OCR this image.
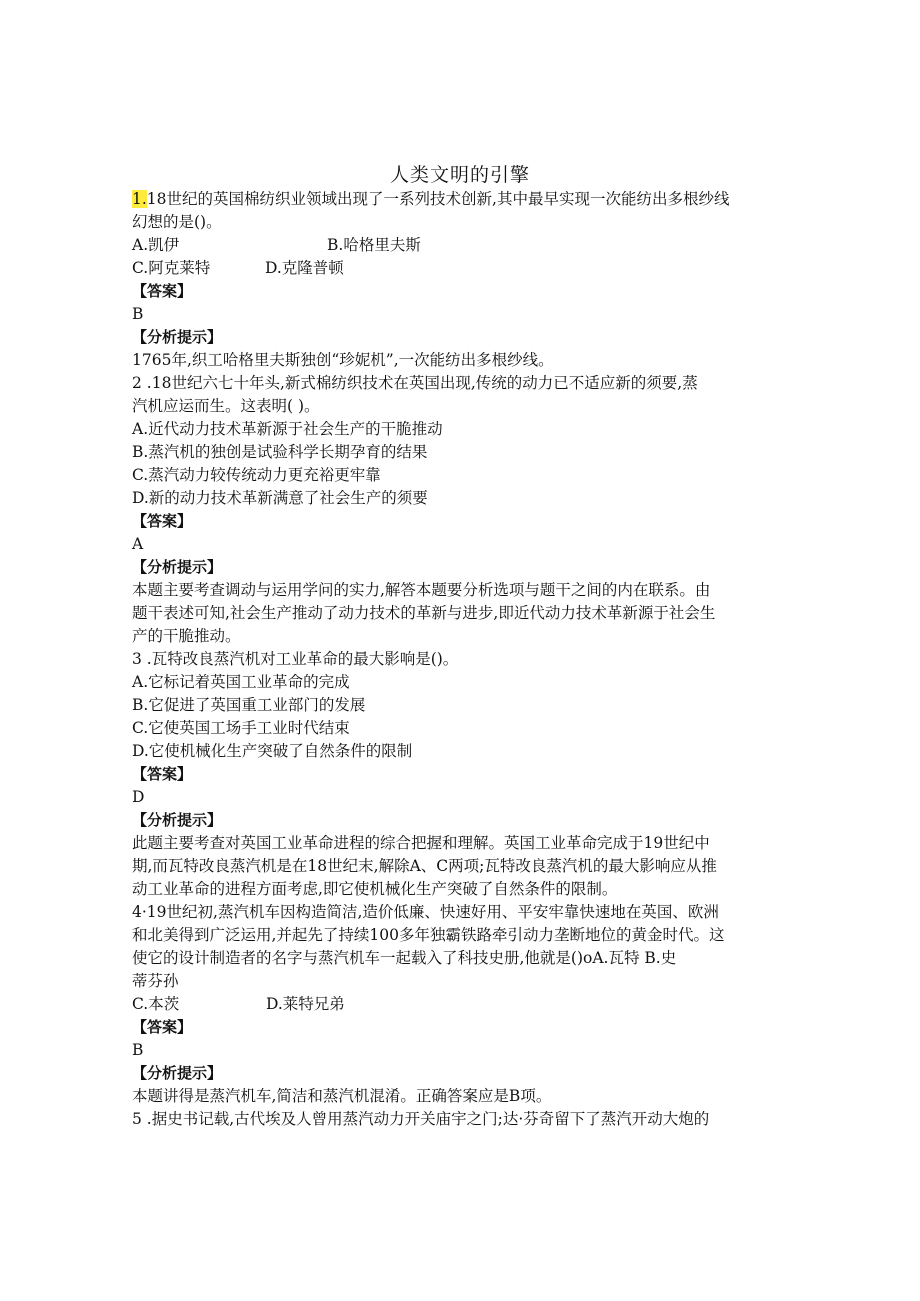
人类文明的引擎
1.18世纪的英国棉纺织业领域出现了一系列技术创新,其中最早实现一次能纺出多根纱线
幻想的是()。
A.凯伊	B.哈格里夫斯
C.阿克莱特	D.克隆普顿
【答案】
B
【分析提示】
1765年,织工哈格里夫斯独创“珍妮机”,一次能纺出多根纱线。
2 .18世纪六七十年头,新式棉纺织技术在英国出现,传统的动力已不适应新的须要,蒸
汽机应运而生。这表明( )。
A.近代动力技术革新源于社会生产的干脆推动
B.蒸汽机的独创是试验科学长期孕育的结果
C.蒸汽动力较传统动力更充裕更牢靠
D.新的动力技术革新满意了社会生产的须要
【答案】
A
【分析提示】
本题主要考查调动与运用学问的实力,解答本题要分析选项与题干之间的内在联系。由
题干表述可知,社会生产推动了动力技术的革新与进步,即近代动力技术革新源于社会生
产的干脆推动。
3 .瓦特改良蒸汽机对工业革命的最大影响是()。
A.它标记着英国工业革命的完成
B.它促进了英国重工业部门的发展
C.它使英国工场手工业时代结束
D.它使机械化生产突破了自然条件的限制
【答案】
D
【分析提示】
此题主要考查对英国工业革命进程的综合把握和理解。英国工业革命完成于19世纪中
期,而瓦特改良蒸汽机是在18世纪末,解除A、C两项;瓦特改良蒸汽机的最大影响应从推
动工业革命的进程方面考虑,即它使机械化生产突破了自然条件的限制。
4·19世纪初,蒸汽机车因构造简洁,造价低廉、快速好用、平安牢靠快速地在英国、欧洲
和北美得到广泛运用,并起先了持续100多年独霸铁路牵引动力垄断地位的黄金时代。这
使它的设计制造者的名字与蒸汽机车一起载入了科技史册,他就是()oA.瓦特 B.史
蒂芬孙
C.本茨	D.莱特兄弟
【答案】
B
【分析提示】
本题讲得是蒸汽机车,简洁和蒸汽机混淆。正确答案应是B项。
5 .据史书记载,古代埃及人曾用蒸汽动力开关庙宇之门;达·芬奇留下了蒸汽开动大炮的
